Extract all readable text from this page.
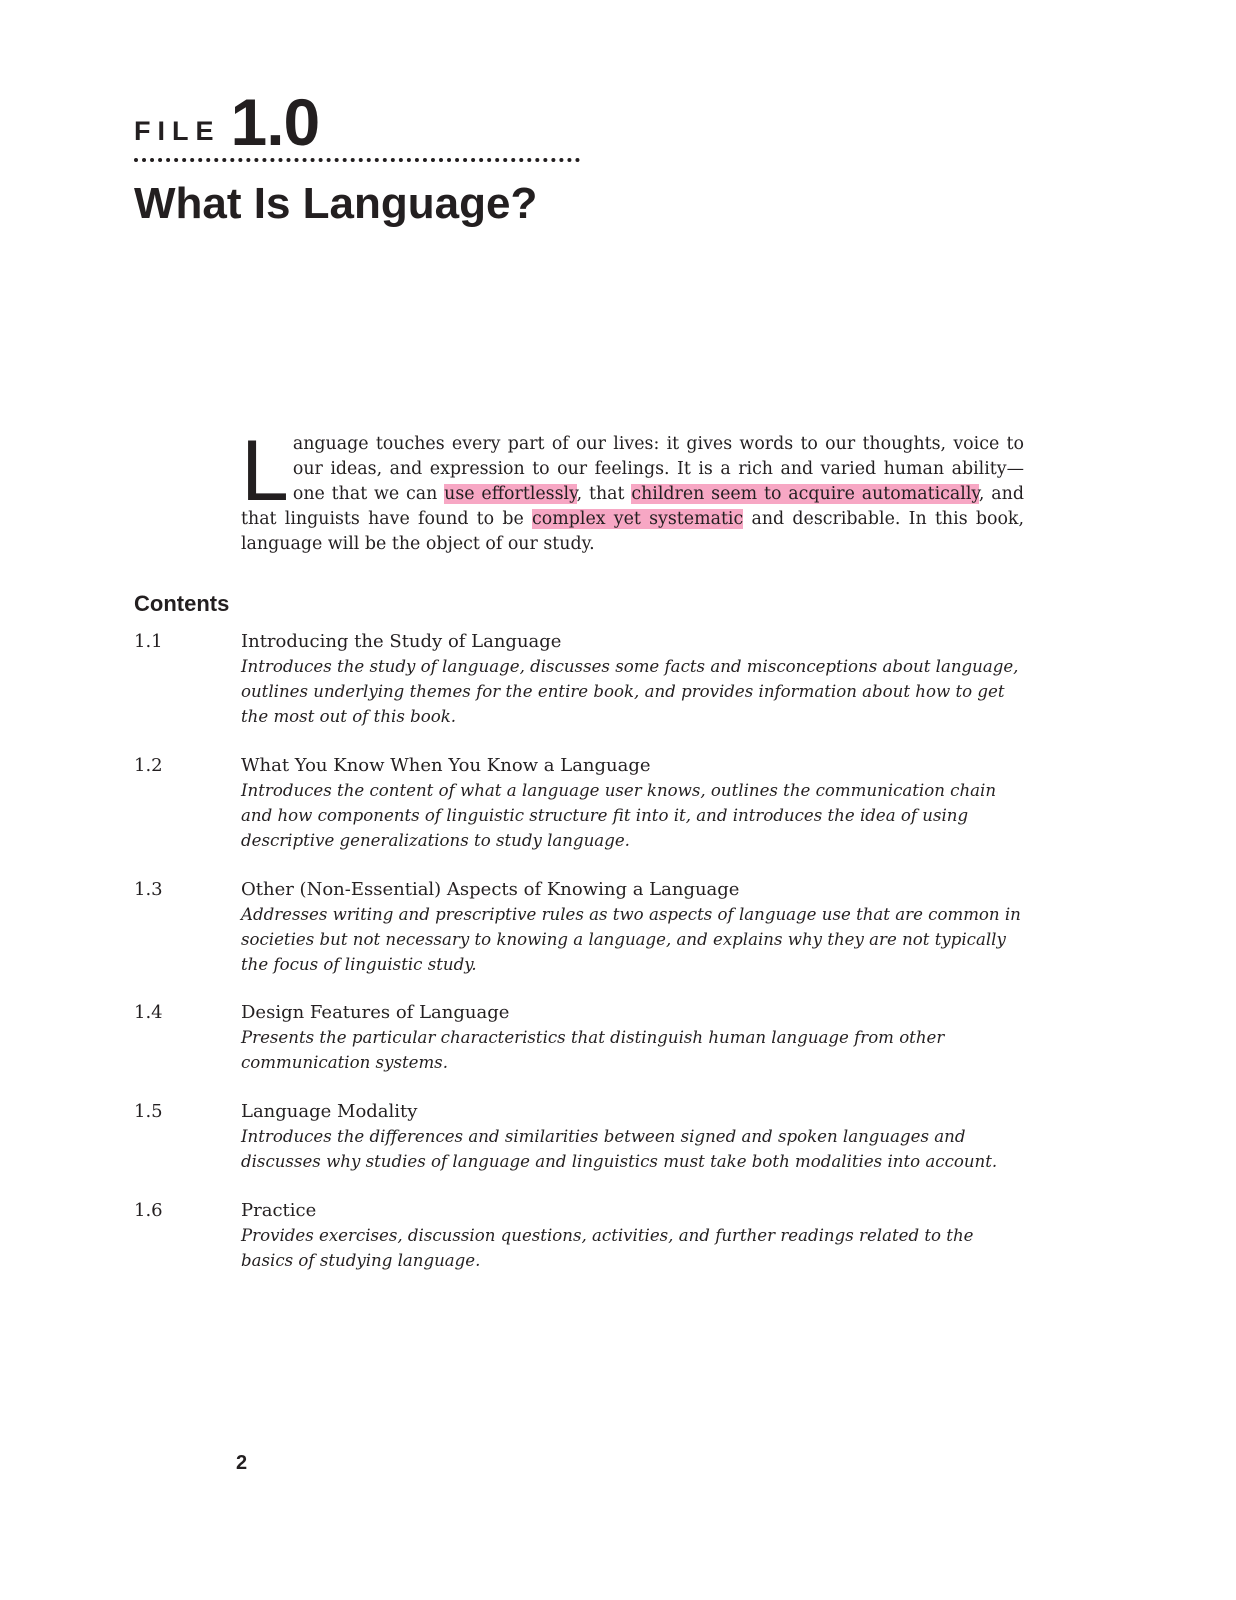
FILE 1.0
What Is Language?

Language touches every part of our lives: it gives words to our thoughts, voice to our ideas, and expression to our feelings. It is a rich and varied human ability—one that we can use effortlessly, that children seem to acquire automatically, and that linguists have found to be complex yet systematic and describable. In this book, language will be the object of our study.

Contents
1.1	Introducing the Study of Language

Introduces the study of language, discusses some facts and misconceptions about language, outlines underlying themes for the entire book, and provides information about how to get the most out of this book.

1.2	What You Know When You Know a Language

Introduces the content of what a language user knows, outlines the communication chain and how components of linguistic structure fit into it, and introduces the idea of using descriptive generalizations to study language.

1.3	Other (Non-Essential) Aspects of Knowing a Language

Addresses writing and prescriptive rules as two aspects of language use that are common in societies but not necessary to knowing a language, and explains why they are not typically the focus of linguistic study.

1.4	Design Features of Language

Presents the particular characteristics that distinguish human language from other communication systems.

1.5	Language Modality

Introduces the differences and similarities between signed and spoken languages and discusses why studies of language and linguistics must take both modalities into account.

1.6	Practice

Provides exercises, discussion questions, activities, and further readings related to the basics of studying language.

2
